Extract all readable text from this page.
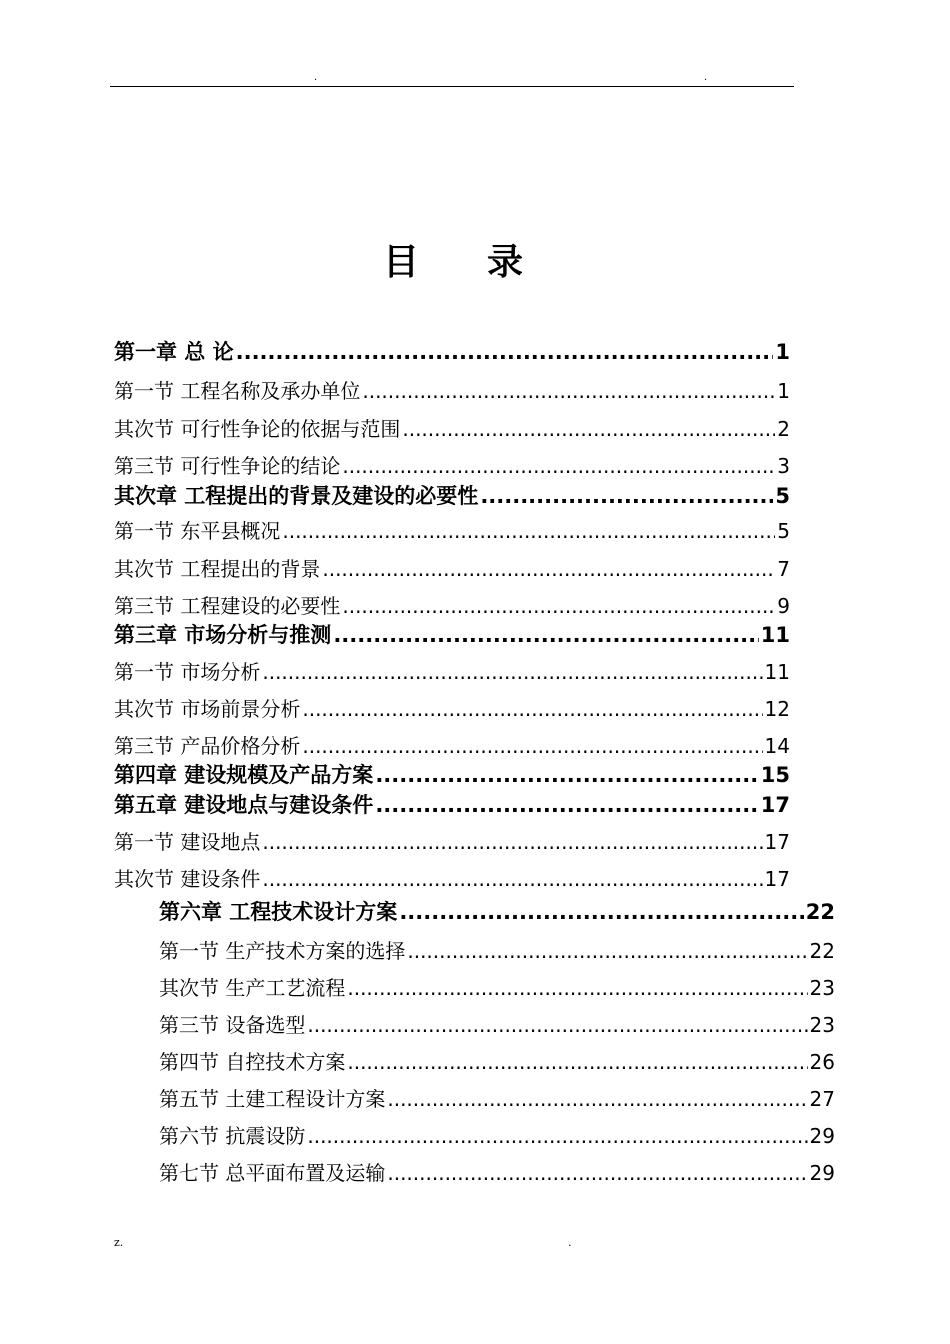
.	.
目录
第一章 总 论 .....	1
第一节 工程名称及承办单位 .....	1
其次节 可行性争论的依据与范围 .....	2
第三节 可行性争论的结论 .....	3
其次章 工程提出的背景及建设的必要性 .....	5
第一节 东平县概况 .....	5
其次节 工程提出的背景 .....	7
第三节 工程建设的必要性 .....	9
第三章 市场分析与推测 .....	11
第一节 市场分析 .....	11
其次节 市场前景分析 .....	12
第三节 产品价格分析 .....	14
第四章 建设规模及产品方案 .....	15
第五章 建设地点与建设条件 .....	17
第一节 建设地点 .....	17
其次节 建设条件 .....	17
第六章 工程技术设计方案 .....	22
第一节 生产技术方案的选择 .....	22
其次节 生产工艺流程 .....	23
第三节 设备选型 .....	23
第四节 自控技术方案 .....	26
第五节 土建工程设计方案 .....	27
第六节 抗震设防 .....	29
第七节 总平面布置及运输 .....	29
z.	.
